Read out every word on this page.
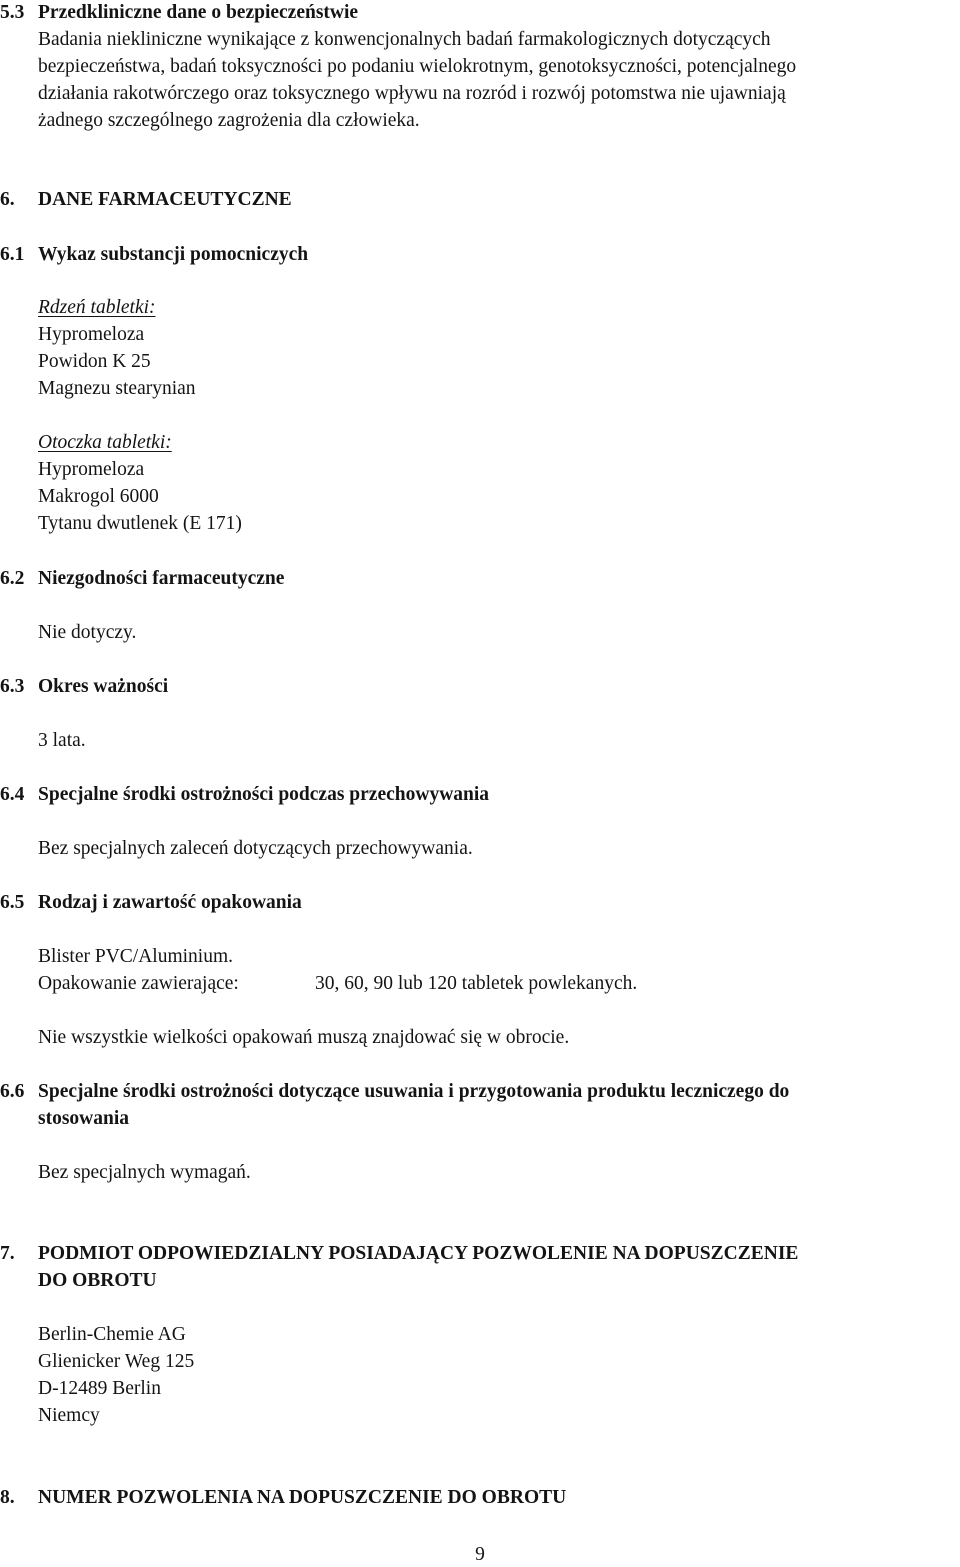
5.3 Przedkliniczne dane o bezpieczeństwie
Badania niekliniczne wynikające z konwencjonalnych badań farmakologicznych dotyczących
bezpieczeństwa, badań toksyczności po podaniu wielokrotnym, genotoksyczności, potencjalnego
działania rakotwórczego oraz toksycznego wpływu na rozród i rozwój potomstwa nie ujawniają
żadnego szczególnego zagrożenia dla człowieka.
6. DANE FARMACEUTYCZNE
6.1 Wykaz substancji pomocniczych
Rdzeń tabletki:
Hypromeloza
Powidon K 25
Magnezu stearynian
Otoczka tabletki:
Hypromeloza
Makrogol 6000
Tytanu dwutlenek (E 171)
6.2 Niezgodności farmaceutyczne
Nie dotyczy.
6.3 Okres ważności
3 lata.
6.4 Specjalne środki ostrożności podczas przechowywania
Bez specjalnych zaleceń dotyczących przechowywania.
6.5 Rodzaj i zawartość opakowania
Blister PVC/Aluminium.
Opakowanie zawierające:	30, 60, 90 lub 120 tabletek powlekanych.
Nie wszystkie wielkości opakowań muszą znajdować się w obrocie.
6.6 Specjalne środki ostrożności dotyczące usuwania i przygotowania produktu leczniczego do
stosowania
Bez specjalnych wymagań.
7. PODMIOT ODPOWIEDZIALNY POSIADAJĄCY POZWOLENIE NA DOPUSZCZENIE
DO OBROTU
Berlin-Chemie AG
Glienicker Weg 125
D-12489 Berlin
Niemcy
8. NUMER POZWOLENIA NA DOPUSZCZENIE DO OBROTU
9
